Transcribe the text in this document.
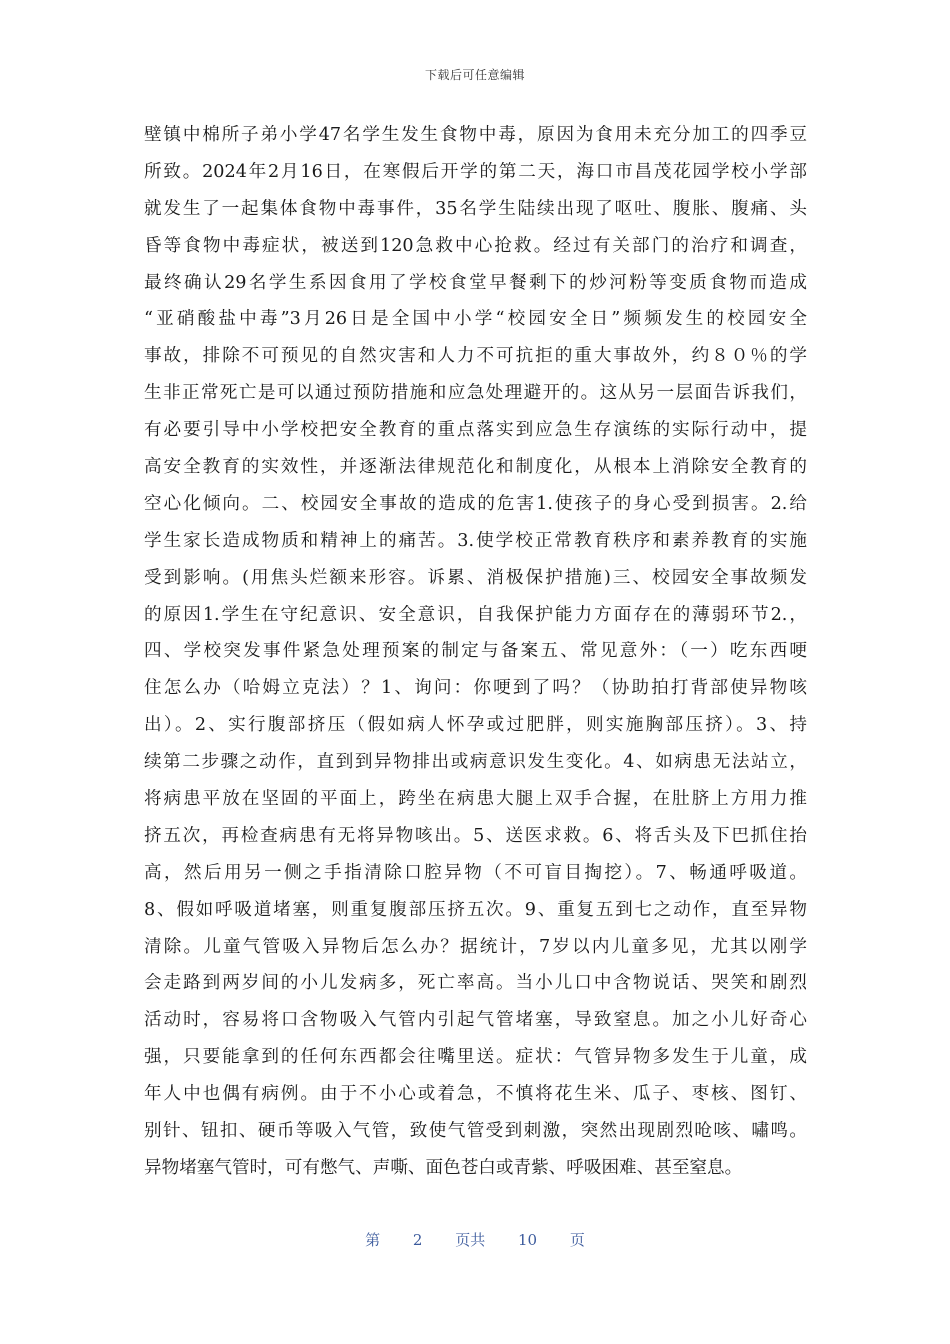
下载后可任意编辑
壁镇中棉所子弟小学47名学生发生食物中毒，原因为食用未充分加工的四季豆
所致。2024年2月16日，在寒假后开学的第二天，海口市昌茂花园学校小学部
就发生了一起集体食物中毒事件，35名学生陆续出现了呕吐、腹胀、腹痛、头
昏等食物中毒症状，被送到120急救中心抢救。经过有关部门的治疗和调查，
最终确认29名学生系因食用了学校食堂早餐剩下的炒河粉等变质食物而造成
“亚硝酸盐中毒”3月26日是全国中小学“校园安全日”频频发生的校园安全
事故，排除不可预见的自然灾害和人力不可抗拒的重大事故外，约８０％的学
生非正常死亡是可以通过预防措施和应急处理避开的。这从另一层面告诉我们，
有必要引导中小学校把安全教育的重点落实到应急生存演练的实际行动中，提
高安全教育的实效性，并逐渐法律规范化和制度化，从根本上消除安全教育的
空心化倾向。二、校园安全事故的造成的危害1.使孩子的身心受到损害。2.给
学生家长造成物质和精神上的痛苦。3.使学校正常教育秩序和素养教育的实施
受到影响。(用焦头烂额来形容。诉累、消极保护措施)三、校园安全事故频发
的原因1.学生在守纪意识、安全意识，自我保护能力方面存在的薄弱环节2.，
四、学校突发事件紧急处理预案的制定与备案五、常见意外：（一）吃东西哽
住怎么办（哈姆立克法）？1、询问：你哽到了吗？（协助拍打背部使异物咳
出）。2、实行腹部挤压（假如病人怀孕或过肥胖，则实施胸部压挤）。3、持
续第二步骤之动作，直到到异物排出或病意识发生变化。4、如病患无法站立，
将病患平放在坚固的平面上，跨坐在病患大腿上双手合握，在肚脐上方用力推
挤五次，再检查病患有无将异物咳出。5、送医求救。6、将舌头及下巴抓住抬
高，然后用另一侧之手指清除口腔异物（不可盲目掏挖）。7、畅通呼吸道。
8、假如呼吸道堵塞，则重复腹部压挤五次。9、重复五到七之动作，直至异物
清除。儿童气管吸入异物后怎么办？据统计，7岁以内儿童多见，尤其以刚学
会走路到两岁间的小儿发病多，死亡率高。当小儿口中含物说话、哭笑和剧烈
活动时，容易将口含物吸入气管内引起气管堵塞，导致窒息。加之小儿好奇心
强，只要能拿到的任何东西都会往嘴里送。症状：气管异物多发生于儿童，成
年人中也偶有病例。由于不小心或着急，不慎将花生米、瓜子、枣核、图钉、
别针、钮扣、硬币等吸入气管，致使气管受到刺激，突然出现剧烈呛咳、嘯鸣。
异物堵塞气管时，可有憋气、声嘶、面色苍白或青紫、呼吸困难、甚至窒息。
第 2 页共 10 页
